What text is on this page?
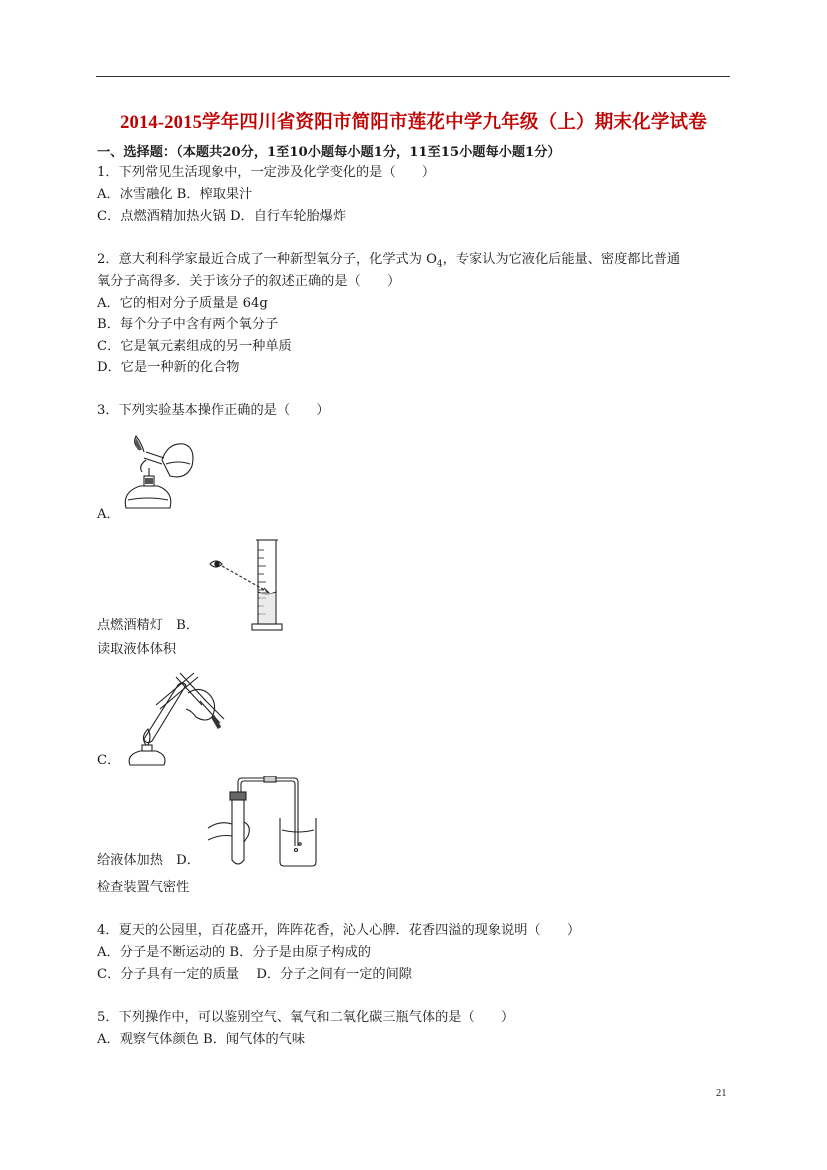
2014-2015学年四川省资阳市简阳市莲花中学九年级（上）期末化学试卷
一、选择题：（本题共20分，1至10小题每小题1分，11至15小题每小题1分）
1．下列常见生活现象中，一定涉及化学变化的是（　　）
A．冰雪融化 B．榨取果汁
C．点燃酒精加热火锅 D．自行车轮胎爆炸
2．意大利科学家最近合成了一种新型氧分子，化学式为 $O_4$，专家认为它液化后能量、密度都比普通
氧分子高得多．关于该分子的叙述正确的是（　　）
A．它的相对分子质量是 64g
B．每个分子中含有两个氧分子
C．它是氧元素组成的另一种单质
D．它是一种新的化合物
3．下列实验基本操作正确的是（　　）
A．
点燃酒精灯　B．
读取液体体积
C．
给液体加热　D．
检查装置气密性
4．夏天的公园里，百花盛开，阵阵花香，沁人心脾．花香四溢的现象说明（　　）
A．分子是不断运动的 B．分子是由原子构成的
C．分子具有一定的质量　 D．分子之间有一定的间隙
5．下列操作中，可以鉴别空气、氧气和二氧化碳三瓶气体的是（　　）
A．观察气体颜色 B．闻气体的气味
21
